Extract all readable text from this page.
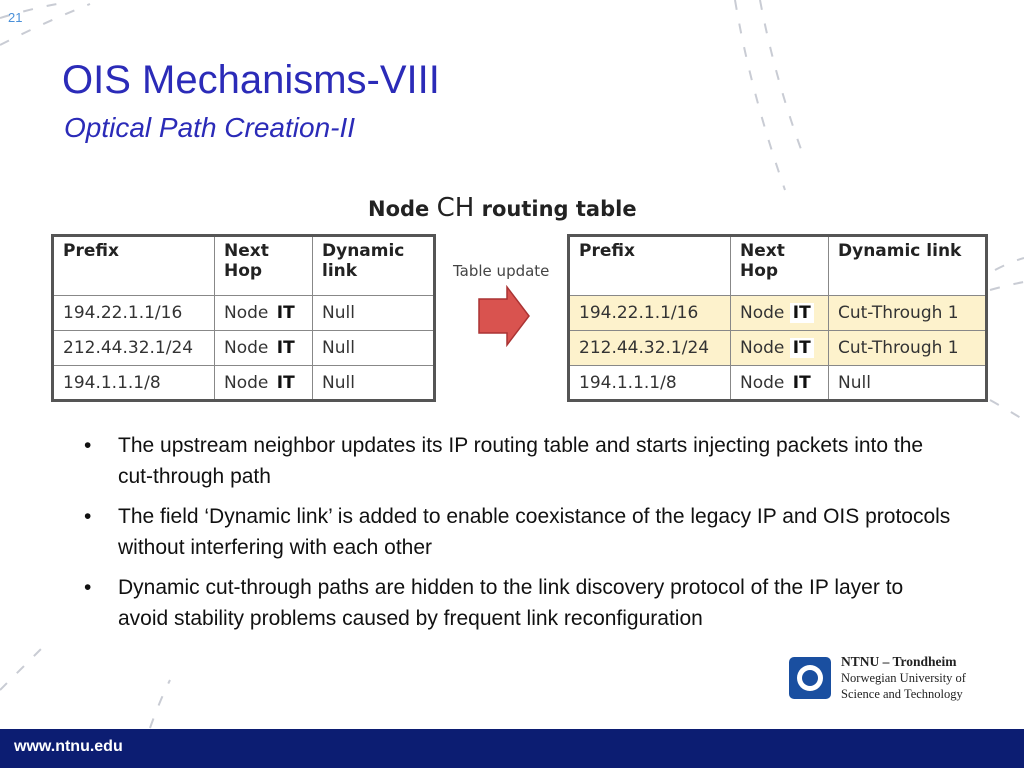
21
OIS Mechanisms-VIII
Optical Path Creation-II
Node CH routing table
Prefix	Next Hop	Dynamic link
194.22.1.1/16	Node IT	Null
212.44.32.1/24	Node IT	Null
194.1.1.1/8	Node IT	Null
Table update
Prefix	Next Hop	Dynamic link
194.22.1.1/16	Node IT	Cut-Through 1
212.44.32.1/24	Node IT	Cut-Through 1
194.1.1.1/8	Node IT	Null
• The upstream neighbor updates its IP routing table and starts injecting packets into the cut-through path
• The field ‘Dynamic link’ is added to enable coexistance of the legacy IP and OIS protocols without interfering with each other
• Dynamic cut-through paths are hidden to the link discovery protocol of the IP layer to avoid stability problems caused by frequent link reconfiguration
NTNU – Trondheim
Norwegian University of
Science and Technology
www.ntnu.edu
